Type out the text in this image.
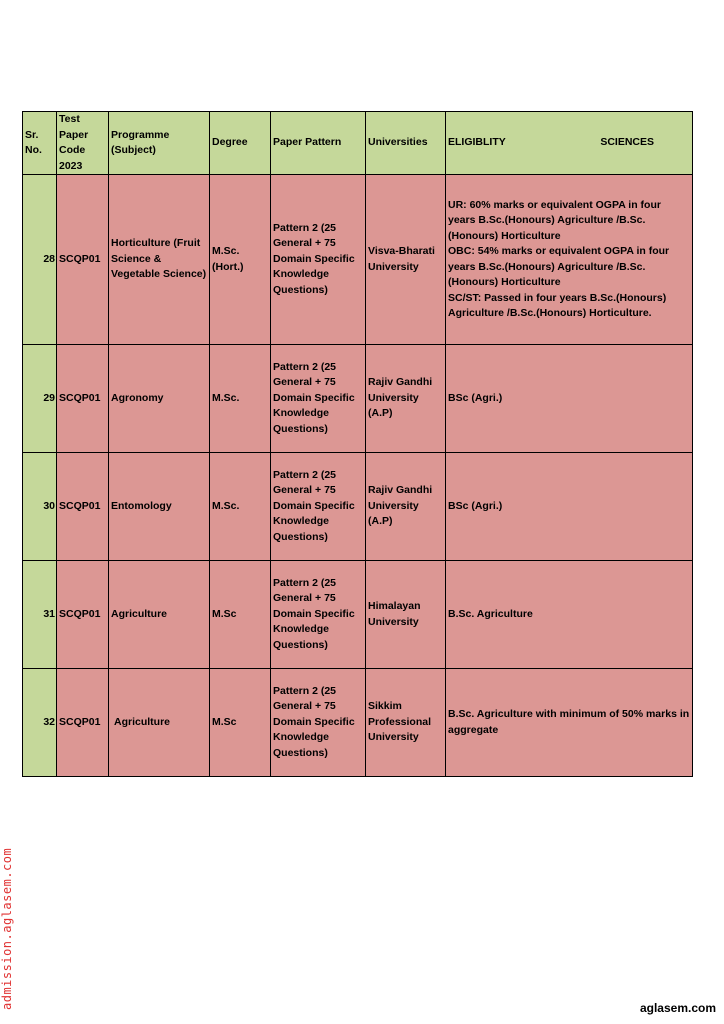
Sr. No.	Test Paper Code 2023	Programme (Subject)	Degree	Paper Pattern	Universities	ELIGIBLITY SCIENCES

28	SCQP01	Horticulture (Fruit Science & Vegetable Science)	M.Sc.(Hort.)	Pattern 2 (25 General + 75 Domain Specific Knowledge Questions)	Visva-Bharati University	UR: 60% marks or equivalent OGPA in four years B.Sc.(Honours) Agriculture /B.Sc.(Honours) Horticulture
OBC: 54% marks or equivalent OGPA in four years B.Sc.(Honours) Agriculture /B.Sc. (Honours) Horticulture
SC/ST: Passed in four years B.Sc.(Honours) Agriculture /B.Sc.(Honours) Horticulture.

29	SCQP01	Agronomy	M.Sc.	Pattern 2 (25 General + 75 Domain Specific Knowledge Questions)	Rajiv Gandhi University (A.P)	BSc (Agri.)

30	SCQP01	Entomology	M.Sc.	Pattern 2 (25 General + 75 Domain Specific Knowledge Questions)	Rajiv Gandhi University (A.P)	BSc (Agri.)

31	SCQP01	Agriculture	M.Sc	Pattern 2 (25 General + 75 Domain Specific Knowledge Questions)	Himalayan University	B.Sc. Agriculture

32	SCQP01	Agriculture	M.Sc	Pattern 2 (25 General + 75 Domain Specific Knowledge Questions)	Sikkim Professional University	B.Sc. Agriculture with minimum of 50% marks in aggregate
admission.aglasem.com	aglasem.com
